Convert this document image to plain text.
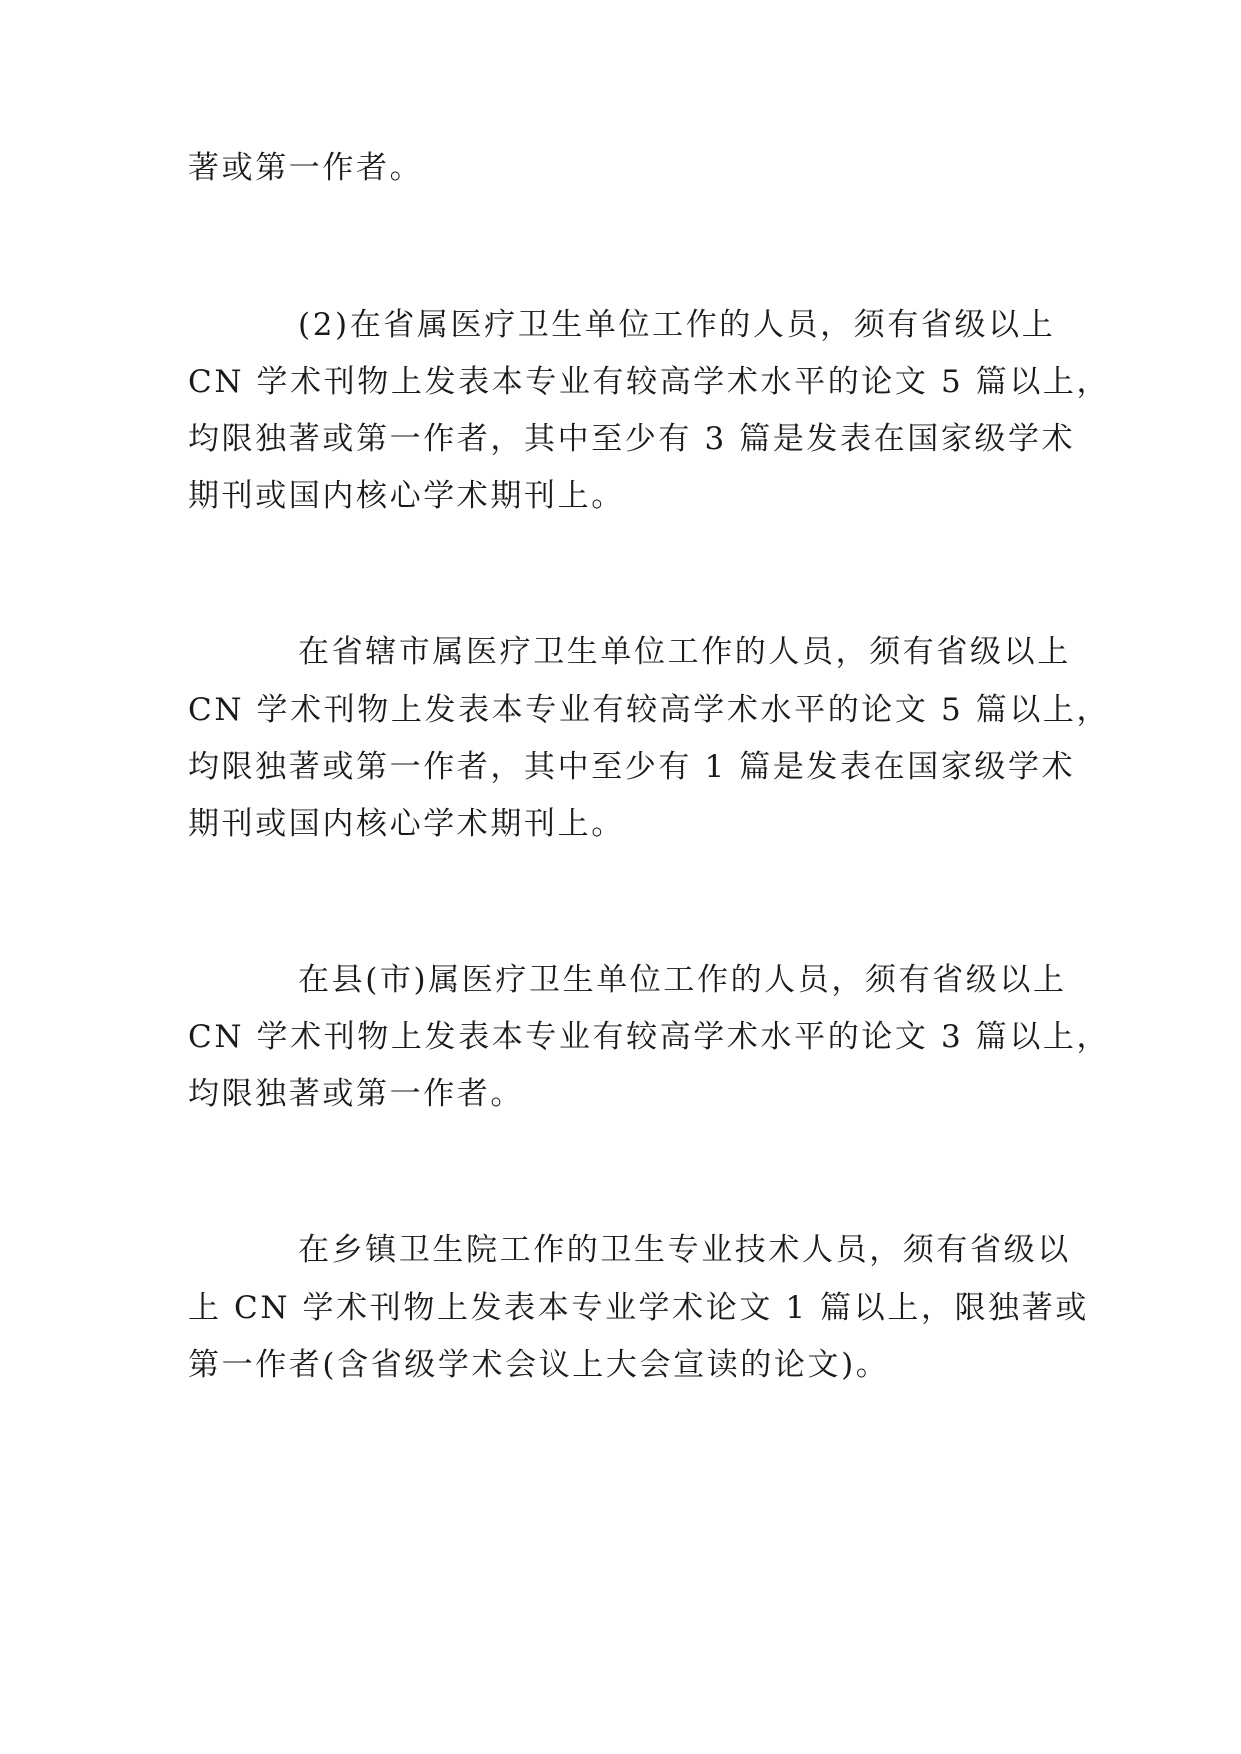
著或第一作者。
(2)在省属医疗卫生单位工作的人员，须有省级以上
CN 学术刊物上发表本专业有较高学术水平的论文 5 篇以上，
均限独著或第一作者，其中至少有 3 篇是发表在国家级学术
期刊或国内核心学术期刊上。
在省辖市属医疗卫生单位工作的人员，须有省级以上
CN 学术刊物上发表本专业有较高学术水平的论文 5 篇以上，
均限独著或第一作者，其中至少有 1 篇是发表在国家级学术
期刊或国内核心学术期刊上。
在县(市)属医疗卫生单位工作的人员，须有省级以上
CN 学术刊物上发表本专业有较高学术水平的论文 3 篇以上，
均限独著或第一作者。
在乡镇卫生院工作的卫生专业技术人员，须有省级以
上 CN 学术刊物上发表本专业学术论文 1 篇以上，限独著或
第一作者(含省级学术会议上大会宣读的论文)。
